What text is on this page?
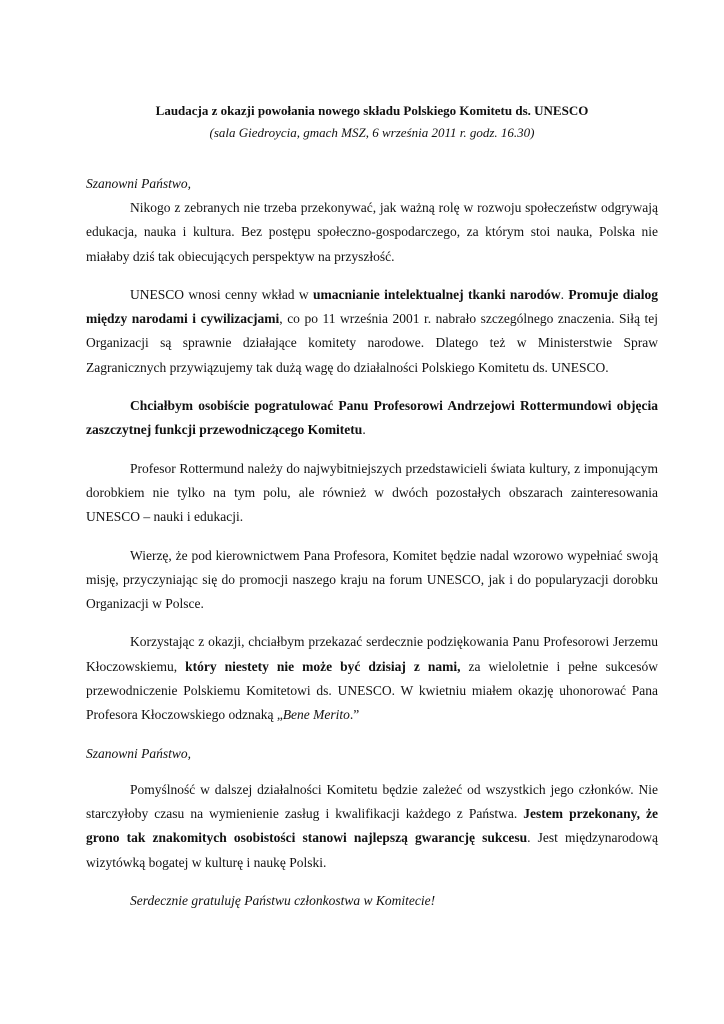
Laudacja z okazji powołania nowego składu Polskiego Komitetu ds. UNESCO

(sala Giedroycia, gmach MSZ, 6 września 2011 r. godz. 16.30)

Szanowni Państwo,

Nikogo z zebranych nie trzeba przekonywać, jak ważną rolę w rozwoju społeczeństw odgrywają edukacja, nauka i kultura. Bez postępu społeczno-gospodarczego, za którym stoi nauka, Polska nie miałaby dziś tak obiecujących perspektyw na przyszłość.

UNESCO wnosi cenny wkład w umacnianie intelektualnej tkanki narodów. Promuje dialog między narodami i cywilizacjami, co po 11 września 2001 r. nabrało szczególnego znaczenia. Siłą tej Organizacji są sprawnie działające komitety narodowe. Dlatego też w Ministerstwie Spraw Zagranicznych przywiązujemy tak dużą wagę do działalności Polskiego Komitetu ds. UNESCO.

Chciałbym osobiście pogratulować Panu Profesorowi Andrzejowi Rottermundowi objęcia zaszczytnej funkcji przewodniczącego Komitetu.

Profesor Rottermund należy do najwybitniejszych przedstawicieli świata kultury, z imponującym dorobkiem nie tylko na tym polu, ale również w dwóch pozostałych obszarach zainteresowania UNESCO – nauki i edukacji.

Wierzę, że pod kierownictwem Pana Profesora, Komitet będzie nadal wzorowo wypełniać swoją misję, przyczyniając się do promocji naszego kraju na forum UNESCO, jak i do popularyzacji dorobku Organizacji w Polsce.

Korzystając z okazji, chciałbym przekazać serdecznie podziękowania Panu Profesorowi Jerzemu Kłoczowskiemu, który niestety nie może być dzisiaj z nami, za wieloletnie i pełne sukcesów przewodniczenie Polskiemu Komitetowi ds. UNESCO. W kwietniu miałem okazję uhonorować Pana Profesora Kłoczowskiego odznaką „Bene Merito.”

Szanowni Państwo,

Pomyślność w dalszej działalności Komitetu będzie zależeć od wszystkich jego członków. Nie starczyłoby czasu na wymienienie zasług i kwalifikacji każdego z Państwa. Jestem przekonany, że grono tak znakomitych osobistości stanowi najlepszą gwarancję sukcesu. Jest międzynarodową wizytówką bogatej w kulturę i naukę Polski.

Serdecznie gratuluję Państwu członkostwa w Komitecie!
